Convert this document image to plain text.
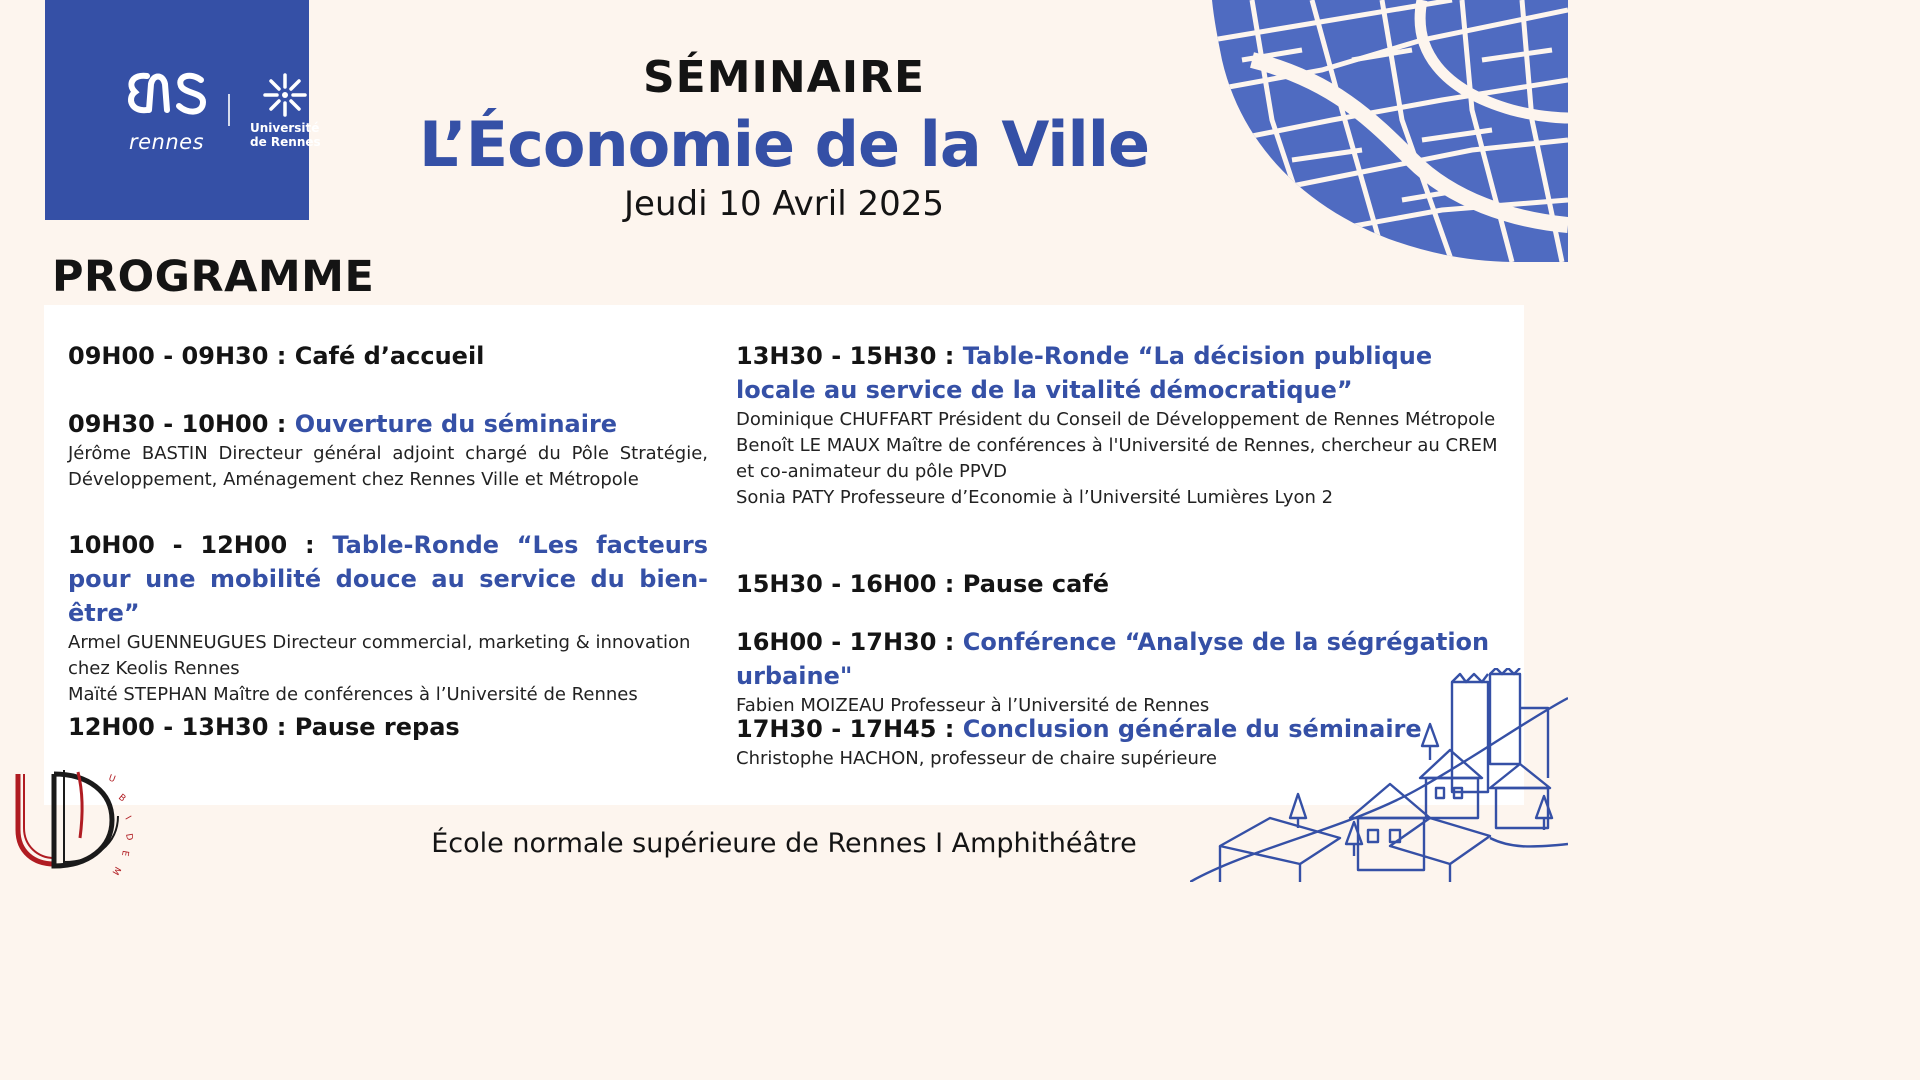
rennes
Université
de Rennes
SÉMINAIRE
L’Économie de la Ville
Jeudi 10 Avril 2025
PROGRAMME
09H00 - 09H30 : Café d’accueil
09H30 - 10H00 : Ouverture du séminaire

Jérôme BASTIN Directeur général adjoint chargé du Pôle Stratégie, Développement, Aménagement chez Rennes Ville et Métropole

10H00 - 12H00 : Table-Ronde “Les facteurs pour une mobilité douce au service du bien-être”

Armel GUENNEUGUES Directeur commercial, marketing & innovation chez Keolis Rennes

Maïté STEPHAN Maître de conférences à l’Université de Rennes

12H00 - 13H30 : Pause repas
13H30 - 15H30 : Table-Ronde “La décision publique locale au service de la vitalité démocratique”

Dominique CHUFFART Président du Conseil de Développement de Rennes Métropole

Benoît LE MAUX Maître de conférences à l'Université de Rennes, chercheur au CREM et co-animateur du pôle PPVD

Sonia PATY Professeure d’Economie à l’Université Lumières Lyon 2

15H30 - 16H00 : Pause café
16H00 - 17H30 : Conférence “Analyse de la ségrégation urbaine"

Fabien MOIZEAU Professeur à l’Université de Rennes

17H30 - 17H45 : Conclusion générale du séminaire

Christophe HACHON, professeur de chaire supérieure

U
B
I
D
E
M
École normale supérieure de Rennes I Amphithéâtre
